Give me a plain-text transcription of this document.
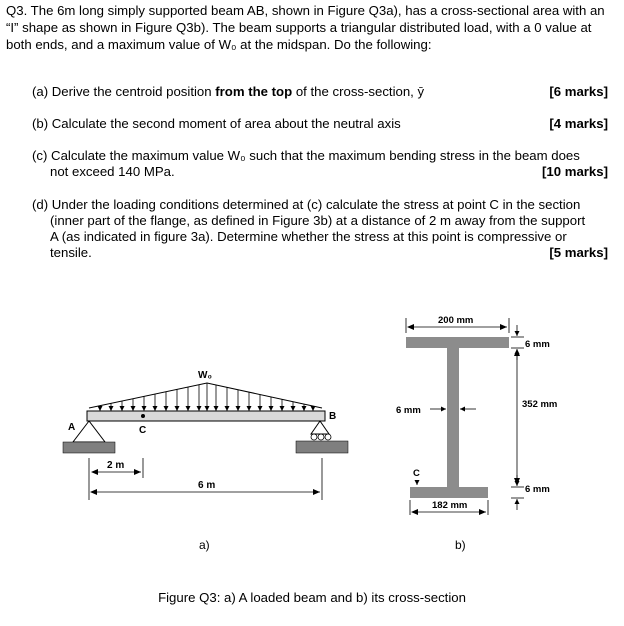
Q3. The 6m long simply supported beam AB, shown in Figure Q3a), has a cross-sectional area with an “I” shape as shown in Figure Q3b). The beam supports a triangular distributed load, with a 0 value at both ends, and a maximum value of W₀ at the midspan. Do the following:

(a) Derive the centroid position from the top of the cross-section, ȳ	[6 marks]

(b) Calculate the second moment of area about the neutral axis	[4 marks]

(c) Calculate the maximum value W₀ such that the maximum bending stress in the beam does

not exceed 140 MPa.	[10 marks]

(d) Under the loading conditions determined at (c) calculate the stress at point C in the section

(inner part of the flange, as defined in Figure 3b) at a distance of 2 m away from the support
A (as indicated in figure 3a). Determine whether the stress at this point is compressive or
tensile.	[5 marks]
W₀
C
A
B
2 m
6 m
a)
200 mm
6 mm
6 mm
352 mm
6 mm
182 mm
C
b)
Figure Q3: a) A loaded beam and b) its cross-section
